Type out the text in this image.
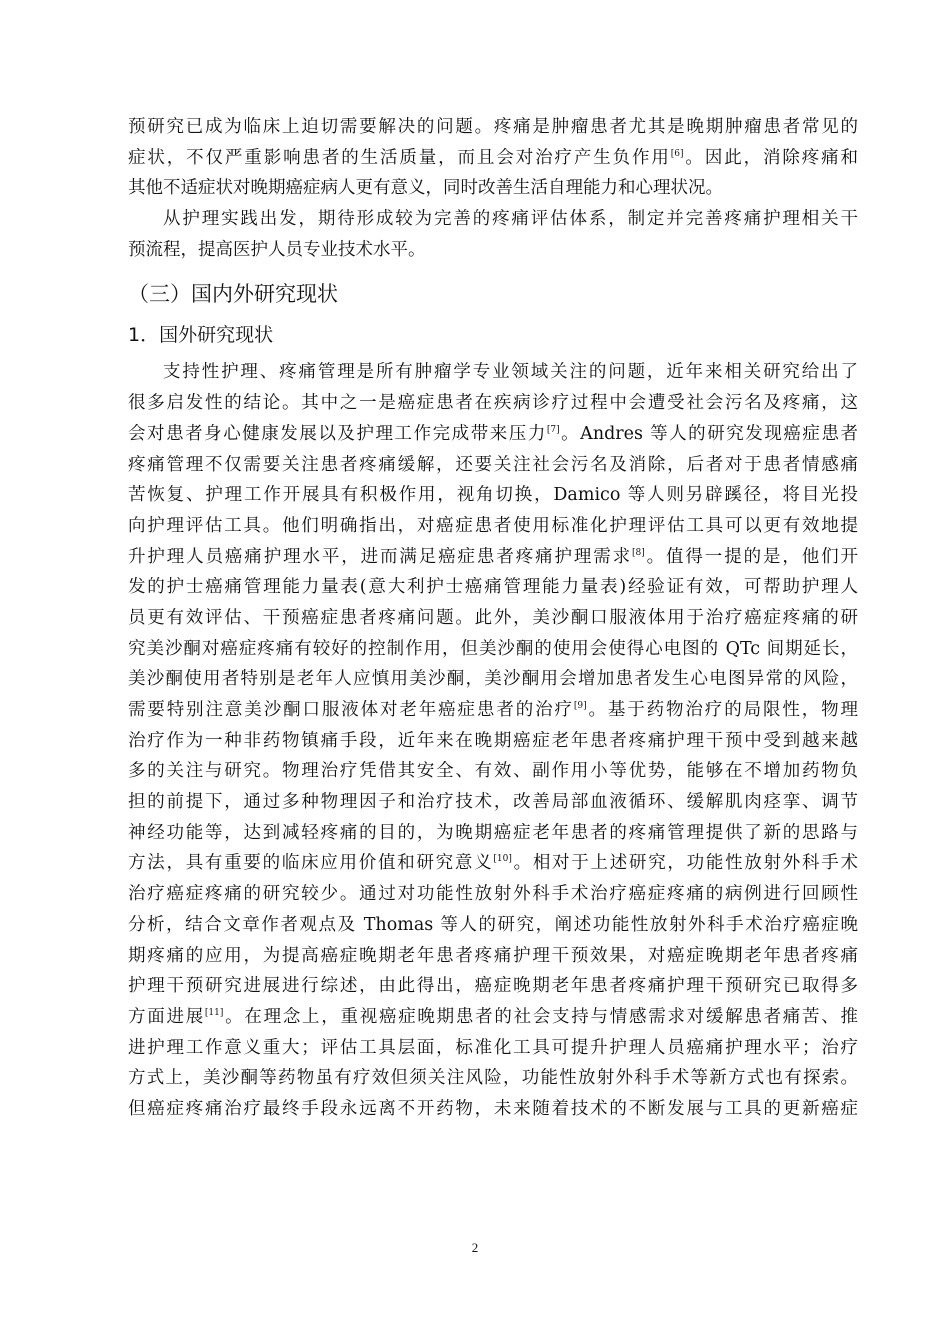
预研究已成为临床上迫切需要解决的问题。疼痛是肿瘤患者尤其是晚期肿瘤患者常见的
症状，不仅严重影响患者的生活质量，而且会对治疗产生负作用[6]。因此，消除疼痛和
其他不适症状对晚期癌症病人更有意义，同时改善生活自理能力和心理状况。
从护理实践出发，期待形成较为完善的疼痛评估体系，制定并完善疼痛护理相关干
预流程，提高医护人员专业技术水平。
（三）国内外研究现状
1．国外研究现状
支持性护理、疼痛管理是所有肿瘤学专业领域关注的问题，近年来相关研究给出了
很多启发性的结论。其中之一是癌症患者在疾病诊疗过程中会遭受社会污名及疼痛，这
会对患者身心健康发展以及护理工作完成带来压力[7]。Andres 等人的研究发现癌症患者
疼痛管理不仅需要关注患者疼痛缓解，还要关注社会污名及消除，后者对于患者情感痛
苦恢复、护理工作开展具有积极作用，视角切换，Damico 等人则另辟蹊径，将目光投
向护理评估工具。他们明确指出，对癌症患者使用标准化护理评估工具可以更有效地提
升护理人员癌痛护理水平，进而满足癌症患者疼痛护理需求[8]。值得一提的是，他们开
发的护士癌痛管理能力量表(意大利护士癌痛管理能力量表)经验证有效，可帮助护理人
员更有效评估、干预癌症患者疼痛问题。此外，美沙酮口服液体用于治疗癌症疼痛的研
究美沙酮对癌症疼痛有较好的控制作用，但美沙酮的使用会使得心电图的 QTc 间期延长，
美沙酮使用者特别是老年人应慎用美沙酮，美沙酮用会增加患者发生心电图异常的风险，
需要特别注意美沙酮口服液体对老年癌症患者的治疗[9]。基于药物治疗的局限性，物理
治疗作为一种非药物镇痛手段，近年来在晚期癌症老年患者疼痛护理干预中受到越来越
多的关注与研究。物理治疗凭借其安全、有效、副作用小等优势，能够在不增加药物负
担的前提下，通过多种物理因子和治疗技术，改善局部血液循环、缓解肌肉痉挛、调节
神经功能等，达到减轻疼痛的目的，为晚期癌症老年患者的疼痛管理提供了新的思路与
方法，具有重要的临床应用价值和研究意义[10]。相对于上述研究，功能性放射外科手术
治疗癌症疼痛的研究较少。通过对功能性放射外科手术治疗癌症疼痛的病例进行回顾性
分析，结合文章作者观点及 Thomas 等人的研究，阐述功能性放射外科手术治疗癌症晚
期疼痛的应用，为提高癌症晚期老年患者疼痛护理干预效果，对癌症晚期老年患者疼痛
护理干预研究进展进行综述，由此得出，癌症晚期老年患者疼痛护理干预研究已取得多
方面进展[11]。在理念上，重视癌症晚期患者的社会支持与情感需求对缓解患者痛苦、推
进护理工作意义重大；评估工具层面，标准化工具可提升护理人员癌痛护理水平；治疗
方式上，美沙酮等药物虽有疗效但须关注风险，功能性放射外科手术等新方式也有探索。
但癌症疼痛治疗最终手段永远离不开药物，未来随着技术的不断发展与工具的更新癌症
2
